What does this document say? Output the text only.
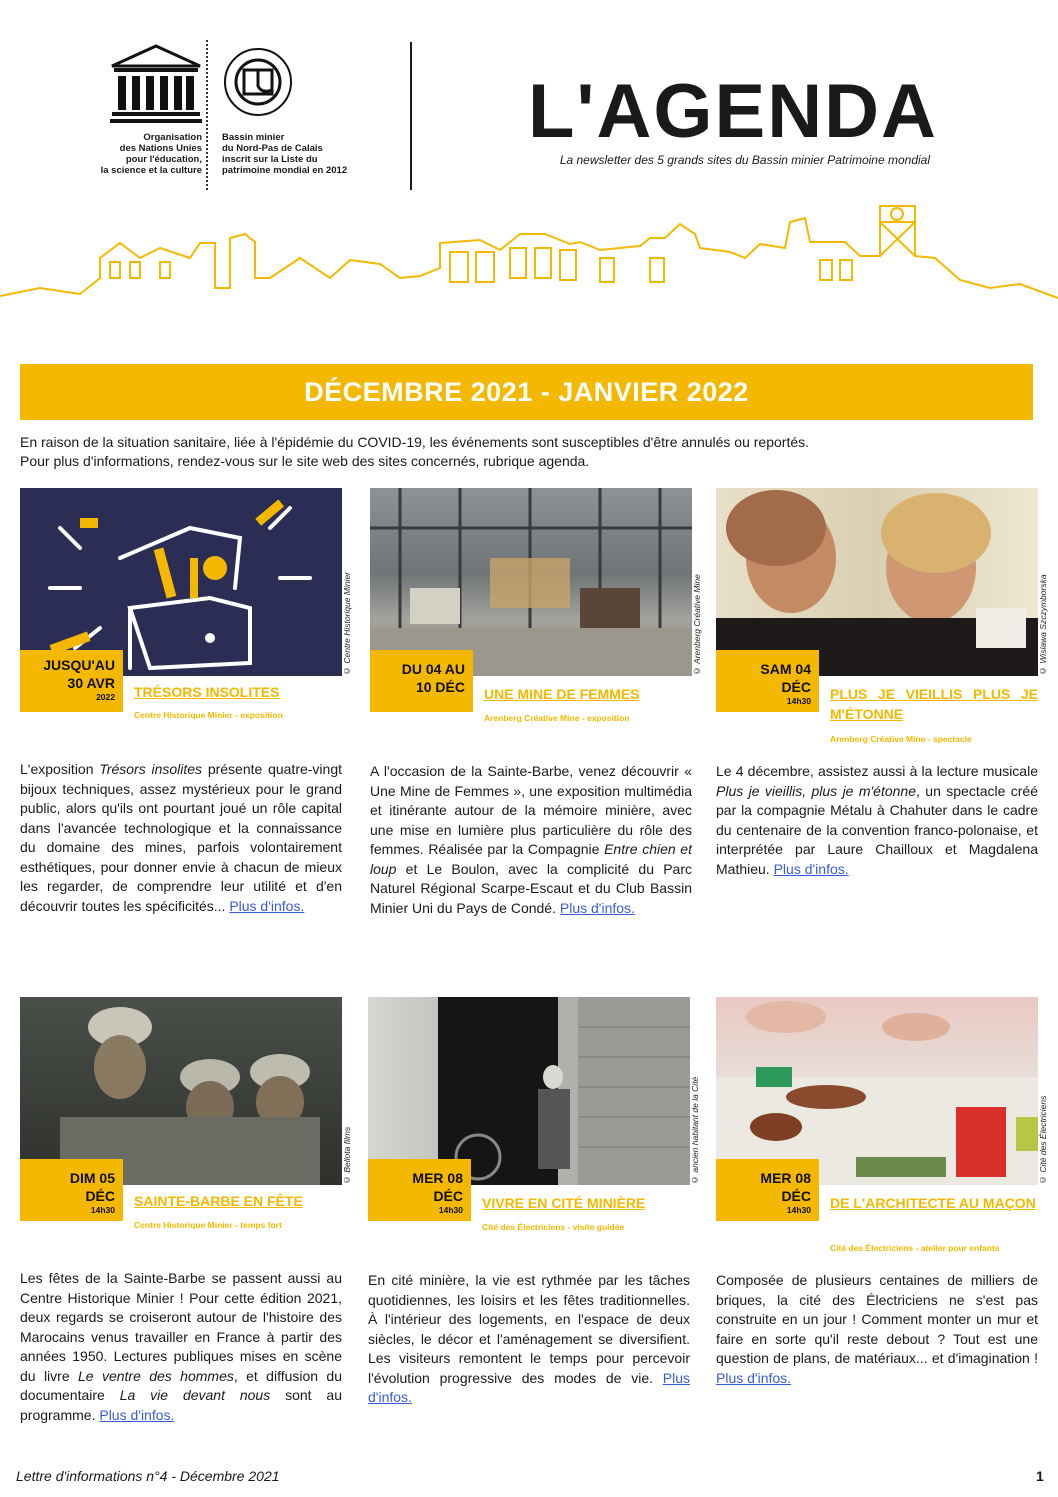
Organisation
des Nations Unies
pour l'éducation,
la science et la culture
Bassin minier
du Nord-Pas de Calais
inscrit sur la Liste du
patrimoine mondial en 2012
L'AGENDA
La newsletter des 5 grands sites du Bassin minier Patrimoine mondial
DÉCEMBRE 2021 - JANVIER 2022
En raison de la situation sanitaire, liée à l'épidémie du COVID-19, les événements sont susceptibles d'être annulés ou reportés.
Pour plus d'informations, rendez-vous sur le site web des sites concernés, rubrique agenda.
© Centre Historique Minier
JUSQU'AU
30 AVR
2022 TRÉSORS INSOLITES
Centre Historique Minier - exposition
L'exposition Trésors insolites présente quatre-vingt bijoux techniques, assez mystérieux pour le grand public, alors qu'ils ont pourtant joué un rôle capital dans l'avancée technologique et la connaissance du domaine des mines, parfois volontairement esthétiques, pour donner envie à chacun de mieux les regarder, de comprendre leur utilité et d'en découvrir toutes les spécificités... Plus d'infos.
© Arenberg Créative Mine
DU 04 AU
10 DÉC UNE MINE DE FEMMES
Arenberg Créative Mine - exposition
A l'occasion de la Sainte-Barbe, venez découvrir « Une Mine de Femmes », une exposition multimédia et itinérante autour de la mémoire minière, avec une mise en lumière plus particulière du rôle des femmes. Réalisée par la Compagnie Entre chien et loup et Le Boulon, avec la complicité du Parc Naturel Régional Scarpe-Escaut et du Club Bassin Minier Uni du Pays de Condé. Plus d'infos.
© Wislawa Szczymborska
SAM 04
DÉC
14h30 PLUS JE VIEILLIS PLUS JE M'ÉTONNE
Arenberg Créative Mine - spectacle
Le 4 décembre, assistez aussi à la lecture musicale Plus je vieillis, plus je m'étonne, un spectacle créé par la compagnie Métalu à Chahuter dans le cadre du centenaire de la convention franco-polonaise, et interprétée par Laure Chailloux et Magdalena Mathieu. Plus d'infos.
© Bellota films
DIM 05
DÉC
14h30
SAINTE-BARBE EN FÊTE
Centre Historique Minier - temps fort
Les fêtes de la Sainte-Barbe se passent aussi au Centre Historique Minier ! Pour cette édition 2021, deux regards se croiseront autour de l'histoire des Marocains venus travailler en France à partir des années 1950. Lectures publiques mises en scène du livre Le ventre des hommes, et diffusion du documentaire La vie devant nous sont au programme. Plus d'infos.
© ancien habitant de la Cité
MER 08
DÉC
14h30 VIVRE EN CITÉ MINIÈRE
Cité des Électriciens - visite guidée
En cité minière, la vie est rythmée par les tâches quotidiennes, les loisirs et les fêtes traditionnelles. À l'intérieur des logements, en l'espace de deux siècles, le décor et l'aménagement se diversifient. Les visiteurs remontent le temps pour percevoir l'évolution progressive des modes de vie. Plus d'infos.
© Cité des Électriciens
MER 08
DÉC
14h30 DE L'ARCHITECTE AU MAÇON
Cité des Électriciens - atelier pour enfants
Composée de plusieurs centaines de milliers de briques, la cité des Électriciens ne s'est pas construite en un jour ! Comment monter un mur et faire en sorte qu'il reste debout ? Tout est une question de plans, de matériaux... et d'imagination ! Plus d'infos.
Lettre d'informations n°4 - Décembre 2021	1
